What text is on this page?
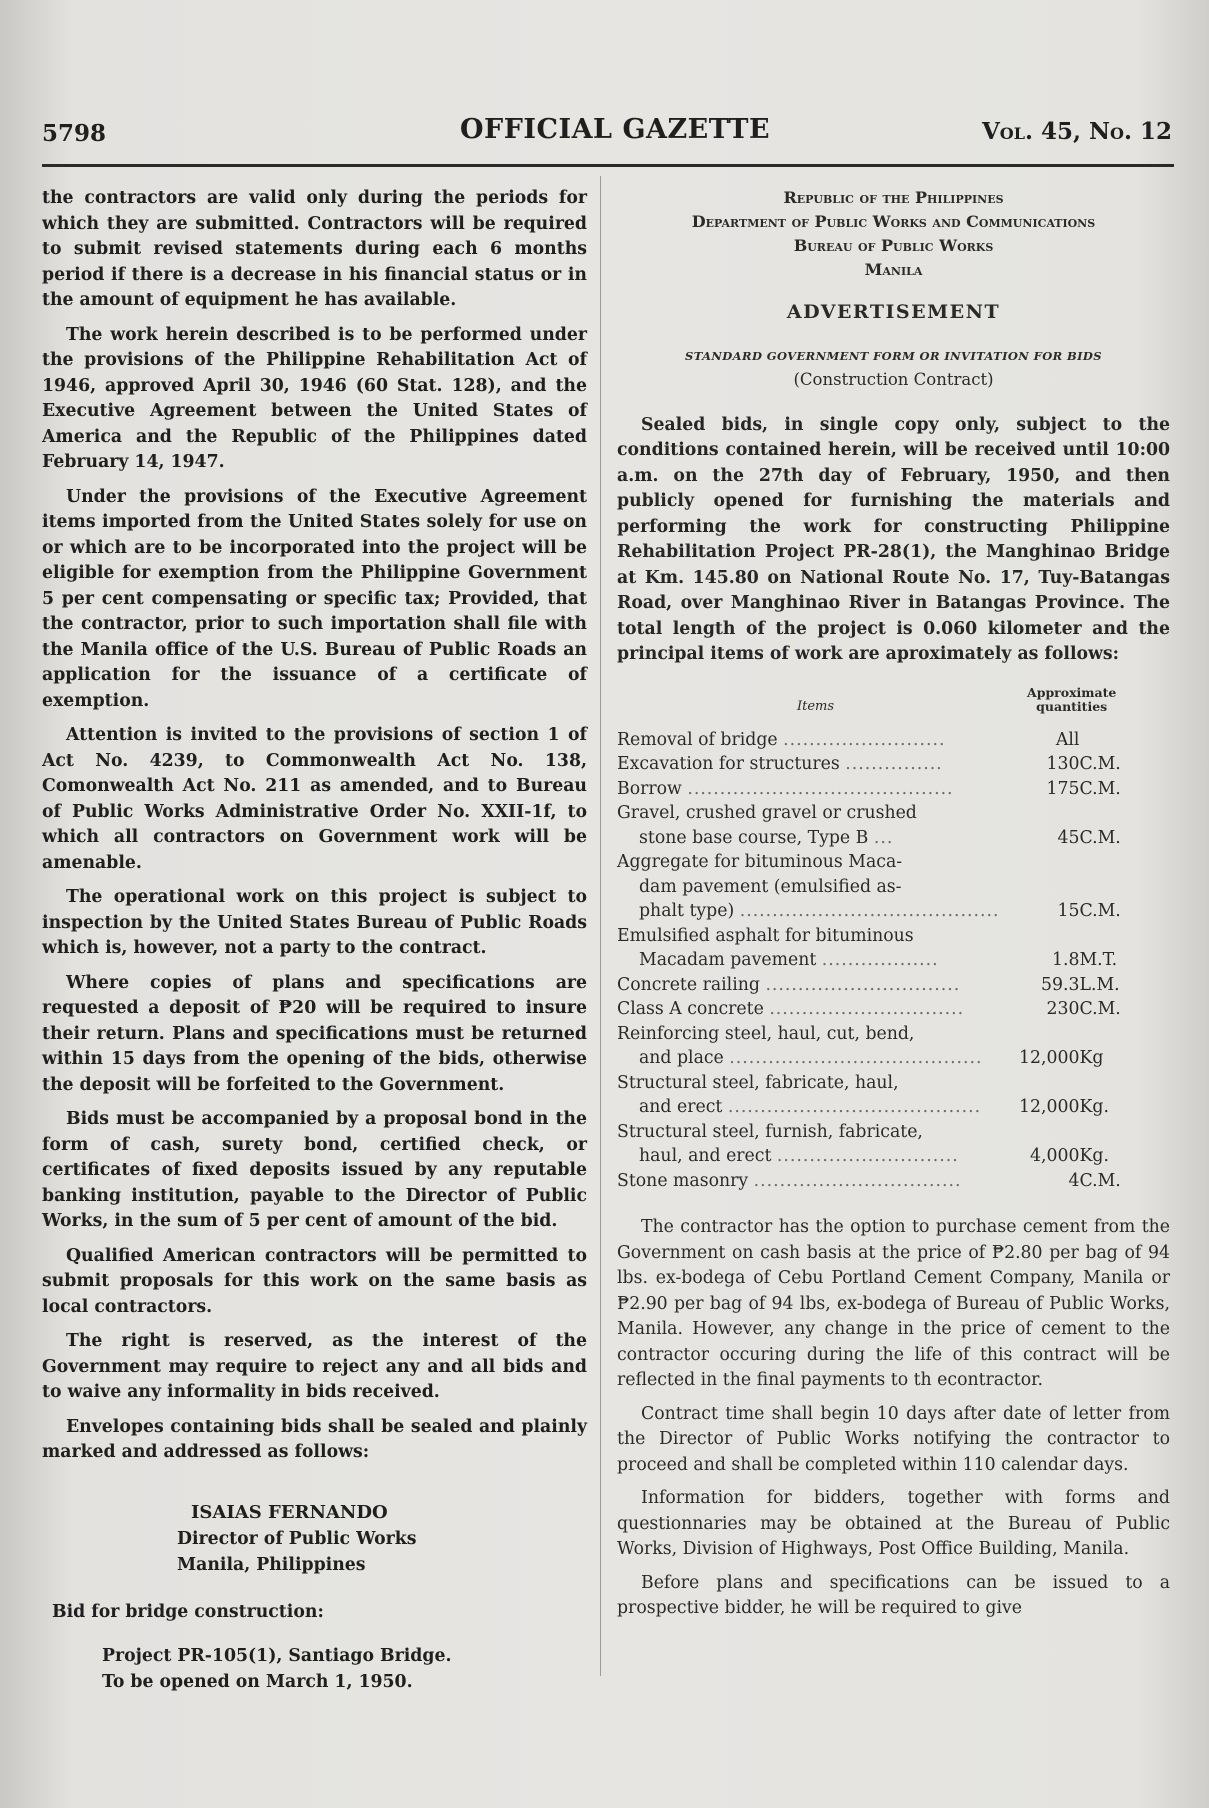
5798	OFFICIAL GAZETTE	Vol. 45, No. 12

the contractors are valid only during the periods for which they are submitted. Contractors will be required to submit revised statements during each 6 months period if there is a decrease in his financial status or in the amount of equipment he has available.

The work herein described is to be performed under the provisions of the Philippine Rehabilitation Act of 1946, approved April 30, 1946 (60 Stat. 128), and the Executive Agreement between the United States of America and the Republic of the Philippines dated February 14, 1947.

Under the provisions of the Executive Agreement items imported from the United States solely for use on or which are to be incorporated into the project will be eligible for exemption from the Philippine Government 5 per cent compensating or specific tax; Provided, that the contractor, prior to such importation shall file with the Manila office of the U.S. Bureau of Public Roads an application for the issuance of a certificate of exemption.

Attention is invited to the provisions of section 1 of Act No. 4239, to Commonwealth Act No. 138, Comonwealth Act No. 211 as amended, and to Bureau of Public Works Administrative Order No. XXII-1f, to which all contractors on Government work will be amenable.

The operational work on this project is subject to inspection by the United States Bureau of Public Roads which is, however, not a party to the contract.

Where copies of plans and specifications are requested a deposit of ₱20 will be required to insure their return. Plans and specifications must be returned within 15 days from the opening of the bids, otherwise the deposit will be forfeited to the Government.

Bids must be accompanied by a proposal bond in the form of cash, surety bond, certified check, or certificates of fixed deposits issued by any reputable banking institution, payable to the Director of Public Works, in the sum of 5 per cent of amount of the bid.

Qualified American contractors will be permitted to submit proposals for this work on the same basis as local contractors.

The right is reserved, as the interest of the Government may require to reject any and all bids and to waive any informality in bids received.

Envelopes containing bids shall be sealed and plainly marked and addressed as follows:

ISAIAS FERNANDO
Director of Public Works
Manila, Philippines
Bid for bridge construction:
Project PR-105(1), Santiago Bridge.
To be opened on March 1, 1950.
Republic of the Philippines
Department of Public Works and Communications
Bureau of Public Works
Manila
ADVERTISEMENT
STANDARD GOVERNMENT FORM OR INVITATION FOR BIDS
(Construction Contract)

Sealed bids, in single copy only, subject to the conditions contained herein, will be received until 10:00 a.m. on the 27th day of February, 1950, and then publicly opened for furnishing the materials and performing the work for constructing Philippine Rehabilitation Project PR-28(1), the Manghinao Bridge at Km. 145.80 on National Route No. 17, Tuy-Batangas Road, over Manghinao River in Batangas Province. The total length of the project is 0.060 kilometer and the principal items of work are aproximately as follows:

Items
Approximate
quantities
Removal of bridge .........................	All	
Excavation for structures ...............	130	C.M.
Borrow .........................................	175	C.M.
Gravel, crushed gravel or crushed		
stone base course, Type B ...	45	C.M.
Aggregate for bituminous Maca-		
dam pavement (emulsified as-		
phalt type) ........................................	15	C.M.
Emulsified asphalt for bituminous		
Macadam pavement ..................	1.8	M.T.
Concrete railing ..............................	59.3	L.M.
Class A concrete ..............................	230	C.M.
Reinforcing steel, haul, cut, bend,		
and place .......................................	12,000	Kg
Structural steel, fabricate, haul,		
and erect .......................................	12,000	Kg.
Structural steel, furnish, fabricate,		
haul, and erect ............................	4,000	Kg.
Stone masonry ................................	4	C.M.

The contractor has the option to purchase cement from the Government on cash basis at the price of ₱2.80 per bag of 94 lbs. ex-bodega of Cebu Portland Cement Company, Manila or ₱2.90 per bag of 94 lbs, ex-bodega of Bureau of Public Works, Manila. However, any change in the price of cement to the contractor occuring during the life of this contract will be reflected in the final payments to th econtractor.

Contract time shall begin 10 days after date of letter from the Director of Public Works notifying the contractor to proceed and shall be completed within 110 calendar days.

Information for bidders, together with forms and questionnaries may be obtained at the Bureau of Public Works, Division of Highways, Post Office Building, Manila.

Before plans and specifications can be issued to a prospective bidder, he will be required to give
